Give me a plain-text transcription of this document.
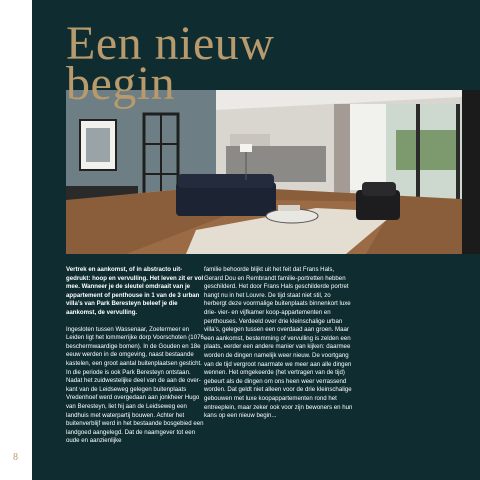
Een nieuw
begin

Vertrek en aankomst, of in abstracto uit-gedrukt: hoop en vervulling. Het leven zit er vol mee. Wanneer je de sleutel omdraait van je appartement of penthouse in 1 van de 3 urban villa’s van Park Beresteyn beleef je die aankomst, de vervulling.

Ingesloten tussen Wassenaar, Zoetermeer en Leiden ligt het lommerrijke dorp Voorschoten (1076 beschermwaardige bomen). In de Gouden en 18e eeuw werden in de omgeving, naast bestaande kastelen, een groot aantal buitenplaatsen gesticht. In die periode is ook Park Beresteyn ontstaan. Nadat het zuidwestelijke deel van de aan de over-kant van de Leidseweg gelegen buitenplaats Vredenhoef werd overgedaan aan jonkheer Hugo van Beresteyn, liet hij aan de Leidseweg een landhuis met waterpartij bouwen. Achter het buitenverblijf werd in het bestaande bosgebied een landgoed aangelegd. Dat de naamgever tot een oude en aanzienlijke

familie behoorde blijkt uit het feit dat Frans Hals, Gerard Dou en Rembrandt familie-portretten hebben geschilderd. Het door Frans Hals geschilderde portret hangt nu in het Louvre. De tijd staat niet stil, zo herbergt deze voormalige buitenplaats binnenkort luxe drie- vier- en vijfkamer koop-appartementen en penthouses. Verdeeld over drie kleinschalige urban villa’s, gelegen tussen een overdaad aan groen. Maar een aankomst, bestemming of vervulling is zelden een plaats, eerder een andere manier van kijken: daarmee worden de dingen namelijk weer nieuw. De voortgang van de tijd vergroot naarmate we meer aan alle dingen wennen. Het omgekeerde (het vertragen van de tijd) gebeurt als de dingen om ons heen weer verrassend worden. Dat geldt niet alleen voor de drie kleinschalige gebouwen met luxe koopappartementen rond het entreeplein, maar zeker ook voor zijn bewoners en hun kans op een nieuw begin...

8
